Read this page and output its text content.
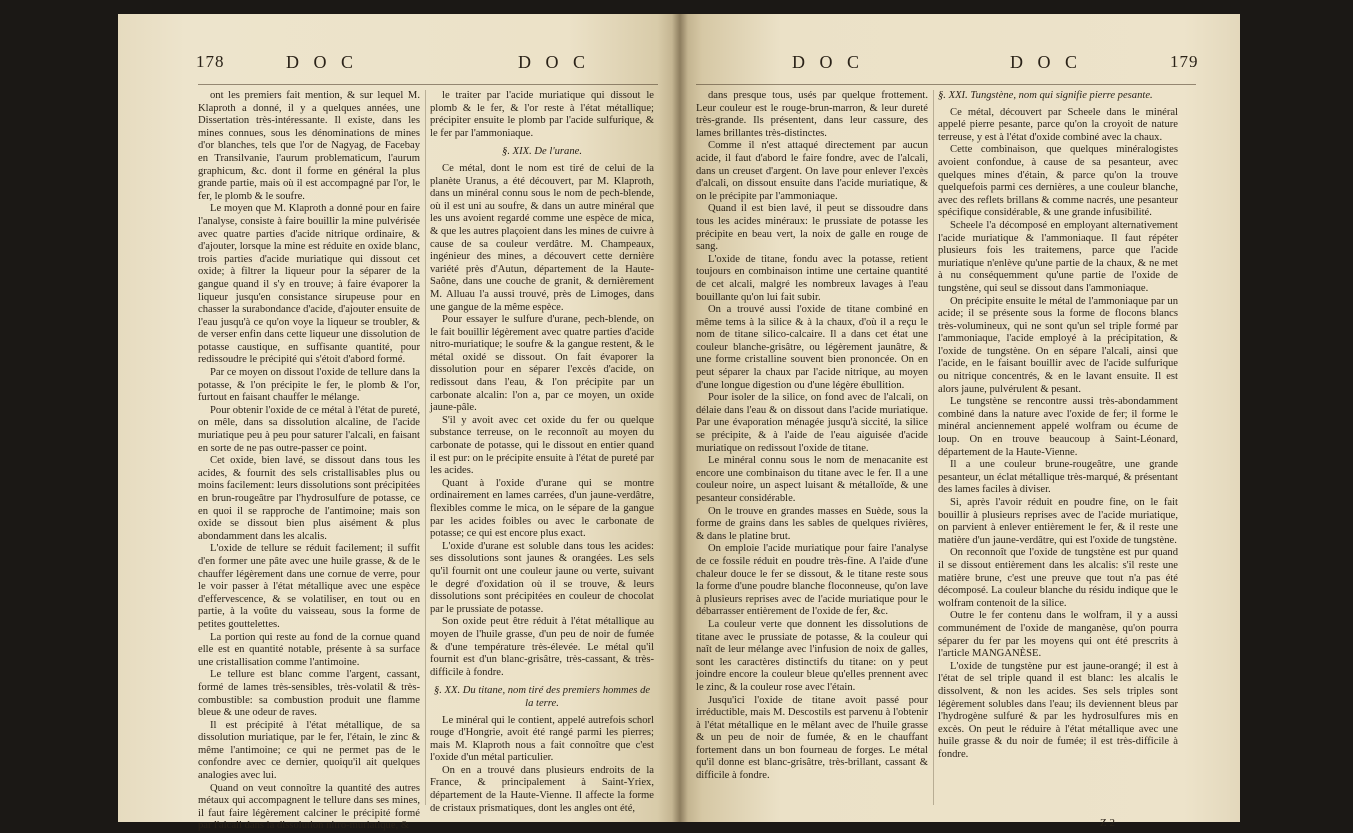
178	D O C	D O C

ont les premiers fait mention, & sur lequel M. Klaproth a donné, il y a quelques années, une Dissertation très-intéressante. Il existe, dans les mines connues, sous les dénominations de mines d'or blanches, tels que l'or de Nagyag, de Facebay en Transilvanie, l'aurum problematicum, l'aurum graphicum, &c. dont il forme en général la plus grande partie, mais où il est accompagné par l'or, le fer, le plomb & le soufre.

Le moyen que M. Klaproth a donné pour en faire l'analyse, consiste à faire bouillir la mine pulvérisée avec quatre parties d'acide nitrique ordinaire, & d'ajouter, lorsque la mine est réduite en oxide blanc, trois parties d'acide muriatique qui dissout cet oxide; à filtrer la liqueur pour la séparer de la gangue quand il s'y en trouve; à faire évaporer la liqueur jusqu'en consistance sirupeuse pour en chasser la surabondance d'acide, d'ajouter ensuite de l'eau jusqu'à ce qu'on voye la liqueur se troubler, & de verser enfin dans cette liqueur une dissolution de potasse caustique, en suffisante quantité, pour redissoudre le précipité qui s'étoit d'abord formé.

Par ce moyen on dissout l'oxide de tellure dans la potasse, & l'on précipite le fer, le plomb & l'or, furtout en faisant chauffer le mélange.

Pour obtenir l'oxide de ce métal à l'état de pureté, on mêle, dans sa dissolution alcaline, de l'acide muriatique peu à peu pour saturer l'alcali, en faisant en sorte de ne pas outre-passer ce point.

Cet oxide, bien lavé, se dissout dans tous les acides, & fournit des sels cristallisables plus ou moins facilement: leurs dissolutions sont précipitées en brun-rougeâtre par l'hydrosulfure de potasse, ce en quoi il se rapproche de l'antimoine; mais son oxide se dissout bien plus aisément & plus abondamment dans les alcalis.

L'oxide de tellure se réduit facilement; il suffit d'en former une pâte avec une huile grasse, & de le chauffer légèrement dans une cornue de verre, pour le voir passer à l'état métallique avec une espèce d'effervescence, & se volatiliser, en tout ou en partie, à la voûte du vaisseau, sous la forme de petites gouttelettes.

La portion qui reste au fond de la cornue quand elle est en quantité notable, présente à sa surface une cristallisation comme l'antimoine.

Le tellure est blanc comme l'argent, cassant, formé de lames très-sensibles, très-volatil & très-combustible: sa combustion produit une flamme bleue & une odeur de raves.

Il est précipité à l'état métallique, de sa dissolution muriatique, par le fer, l'étain, le zinc & même l'antimoine; ce qui ne permet pas de le confondre avec ce dernier, quoiqu'il ait quelques analogies avec lui.

Quand on veut connoître la quantité des autres métaux qui accompagnent le tellure dans ses mines, il faut faire légèrement calciner le précipité formé par l'alcali dans la dissolution nitro-muriatique, &

le traiter par l'acide muriatique qui dissout le plomb & le fer, & l'or reste à l'état métallique; précipiter ensuite le plomb par l'acide sulfurique, & le fer par l'ammoniaque.

§. XIX. De l'urane.

Ce métal, dont le nom est tiré de celui de la planète Uranus, a été découvert, par M. Klaproth, dans un minéral connu sous le nom de pech-blende, où il est uni au soufre, & dans un autre minéral que les uns avoient regardé comme une espèce de mica, & que les autres plaçoient dans les mines de cuivre à cause de sa couleur verdâtre. M. Champeaux, ingénieur des mines, a découvert cette dernière variété près d'Autun, département de la Haute-Saône, dans une couche de granit, & dernièrement M. Alluau l'a aussi trouvé, près de Limoges, dans une gangue de la même espèce.

Pour essayer le sulfure d'urane, pech-blende, on le fait bouillir légèrement avec quatre parties d'acide nitro-muriatique; le soufre & la gangue restent, & le métal oxidé se dissout. On fait évaporer la dissolution pour en séparer l'excès d'acide, on redissout dans l'eau, & l'on précipite par un carbonate alcalin: l'on a, par ce moyen, un oxide jaune-pâle.

S'il y avoit avec cet oxide du fer ou quelque substance terreuse, on le reconnoît au moyen du carbonate de potasse, qui le dissout en entier quand il est pur: on le précipite ensuite à l'état de pureté par les acides.

Quant à l'oxide d'urane qui se montre ordinairement en lames carrées, d'un jaune-verdâtre, flexibles comme le mica, on le sépare de la gangue par les acides foibles ou avec le carbonate de potasse; ce qui est encore plus exact.

L'oxide d'urane est soluble dans tous les acides: ses dissolutions sont jaunes & orangées. Les sels qu'il fournit ont une couleur jaune ou verte, suivant le degré d'oxidation où il se trouve, & leurs dissolutions sont précipitées en couleur de chocolat par le prussiate de potasse.

Son oxide peut être réduit à l'état métallique au moyen de l'huile grasse, d'un peu de noir de fumée & d'une température très-élevée. Le métal qu'il fournit est d'un blanc-grisâtre, très-cassant, & très-difficile à fondre.

§. XX. Du titane, nom tiré des premiers hommes de la terre.

Le minéral qui le contient, appelé autrefois schorl rouge d'Hongrie, avoit été rangé parmi les pierres; mais M. Klaproth nous a fait connoître que c'est l'oxide d'un métal particulier.

On en a trouvé dans plusieurs endroits de la France, & principalement à Saint-Yriex, département de la Haute-Vienne. Il affecte la forme de cristaux prismatiques, dont les angles ont été,

D O C	D O C	179

dans presque tous, usés par quelque frottement. Leur couleur est le rouge-brun-marron, & leur dureté très-grande. Ils présentent, dans leur cassure, des lames brillantes très-distinctes.

Comme il n'est attaqué directement par aucun acide, il faut d'abord le faire fondre, avec de l'alcali, dans un creuset d'argent. On lave pour enlever l'excès d'alcali, on dissout ensuite dans l'acide muriatique, & on le précipite par l'ammoniaque.

Quand il est bien lavé, il peut se dissoudre dans tous les acides minéraux: le prussiate de potasse les précipite en beau vert, la noix de galle en rouge de sang.

L'oxide de titane, fondu avec la potasse, retient toujours en combinaison intime une certaine quantité de cet alcali, malgré les nombreux lavages à l'eau bouillante qu'on lui fait subir.

On a trouvé aussi l'oxide de titane combiné en même tems à la silice & à la chaux, d'où il a reçu le nom de titane silico-calcaire. Il a dans cet état une couleur blanche-grisâtre, ou légèrement jaunâtre, & une forme cristalline souvent bien prononcée. On en peut séparer la chaux par l'acide nitrique, au moyen d'une longue digestion ou d'une légère ébullition.

Pour isoler de la silice, on fond avec de l'alcali, on délaie dans l'eau & on dissout dans l'acide muriatique. Par une évaporation ménagée jusqu'à siccité, la silice se précipite, & à l'aide de l'eau aiguisée d'acide muriatique on redissout l'oxide de titane.

Le minéral connu sous le nom de menacanite est encore une combinaison du titane avec le fer. Il a une couleur noire, un aspect luisant & métalloïde, & une pesanteur considérable.

On le trouve en grandes masses en Suède, sous la forme de grains dans les sables de quelques rivières, & dans le platine brut.

On emploie l'acide muriatique pour faire l'analyse de ce fossile réduit en poudre très-fine. A l'aide d'une chaleur douce le fer se dissout, & le titane reste sous la forme d'une poudre blanche floconneuse, qu'on lave à plusieurs reprises avec de l'acide muriatique pour le débarrasser entièrement de l'oxide de fer, &c.

La couleur verte que donnent les dissolutions de titane avec le prussiate de potasse, & la couleur qui naît de leur mélange avec l'infusion de noix de galles, sont les caractères distinctifs du titane: on y peut joindre encore la couleur bleue qu'elles prennent avec le zinc, & la couleur rose avec l'étain.

Jusqu'ici l'oxide de titane avoit passé pour irréductible, mais M. Descostils est parvenu à l'obtenir à l'état métallique en le mêlant avec de l'huile grasse & un peu de noir de fumée, & en le chauffant fortement dans un bon fourneau de forges. Le métal qu'il donne est blanc-grisâtre, très-brillant, cassant & difficile à fondre.

§. XXI. Tungstène, nom qui signifie pierre pesante.

Ce métal, découvert par Scheele dans le minéral appelé pierre pesante, parce qu'on la croyoit de nature terreuse, y est à l'état d'oxide combiné avec la chaux.

Cette combinaison, que quelques minéralogistes avoient confondue, à cause de sa pesanteur, avec quelques mines d'étain, & parce qu'on la trouve quelquefois parmi ces dernières, a une couleur blanche, avec des reflets brillans & comme nacrés, une pesanteur spécifique considérable, & une grande infusibilité.

Scheele l'a décomposé en employant alternativement l'acide muriatique & l'ammoniaque. Il faut répéter plusieurs fois les traitemens, parce que l'acide muriatique n'enlève qu'une partie de la chaux, & ne met à nu conséquemment qu'une partie de l'oxide de tungstène, qui seul se dissout dans l'ammoniaque.

On précipite ensuite le métal de l'ammoniaque par un acide; il se présente sous la forme de flocons blancs très-volumineux, qui ne sont qu'un sel triple formé par l'ammoniaque, l'acide employé à la précipitation, & l'oxide de tungstène. On en sépare l'alcali, ainsi que l'acide, en le faisant bouillir avec de l'acide sulfurique ou nitrique concentrés, & en le lavant ensuite. Il est alors jaune, pulvérulent & pesant.

Le tungstène se rencontre aussi très-abondamment combiné dans la nature avec l'oxide de fer; il forme le minéral anciennement appelé wolfram ou écume de loup. On en trouve beaucoup à Saint-Léonard, département de la Haute-Vienne.

Il a une couleur brune-rougeâtre, une grande pesanteur, un éclat métallique très-marqué, & présentant des lames faciles à diviser.

Si, après l'avoir réduit en poudre fine, on le fait bouillir à plusieurs reprises avec de l'acide muriatique, on parvient à enlever entièrement le fer, & il reste une matière d'un jaune-verdâtre, qui est l'oxide de tungstène.

On reconnoît que l'oxide de tungstène est pur quand il se dissout entièrement dans les alcalis: s'il reste une matière brune, c'est une preuve que tout n'a pas été décomposé. La couleur blanche du résidu indique que le wolfram contenoit de la silice.

Outre le fer contenu dans le wolfram, il y a aussi communément de l'oxide de manganèse, qu'on pourra séparer du fer par les moyens qui ont été prescrits à l'article MANGANÈSE.

L'oxide de tungstène pur est jaune-orangé; il est à l'état de sel triple quand il est blanc: les alcalis le dissolvent, & non les acides. Ses sels triples sont légèrement solubles dans l'eau; ils deviennent bleus par l'hydrogène sulfuré & par les hydrosulfures mis en excès. On peut le réduire à l'état métallique avec une huile grasse & du noir de fumée; il est très-difficile à fondre.

Z 2
